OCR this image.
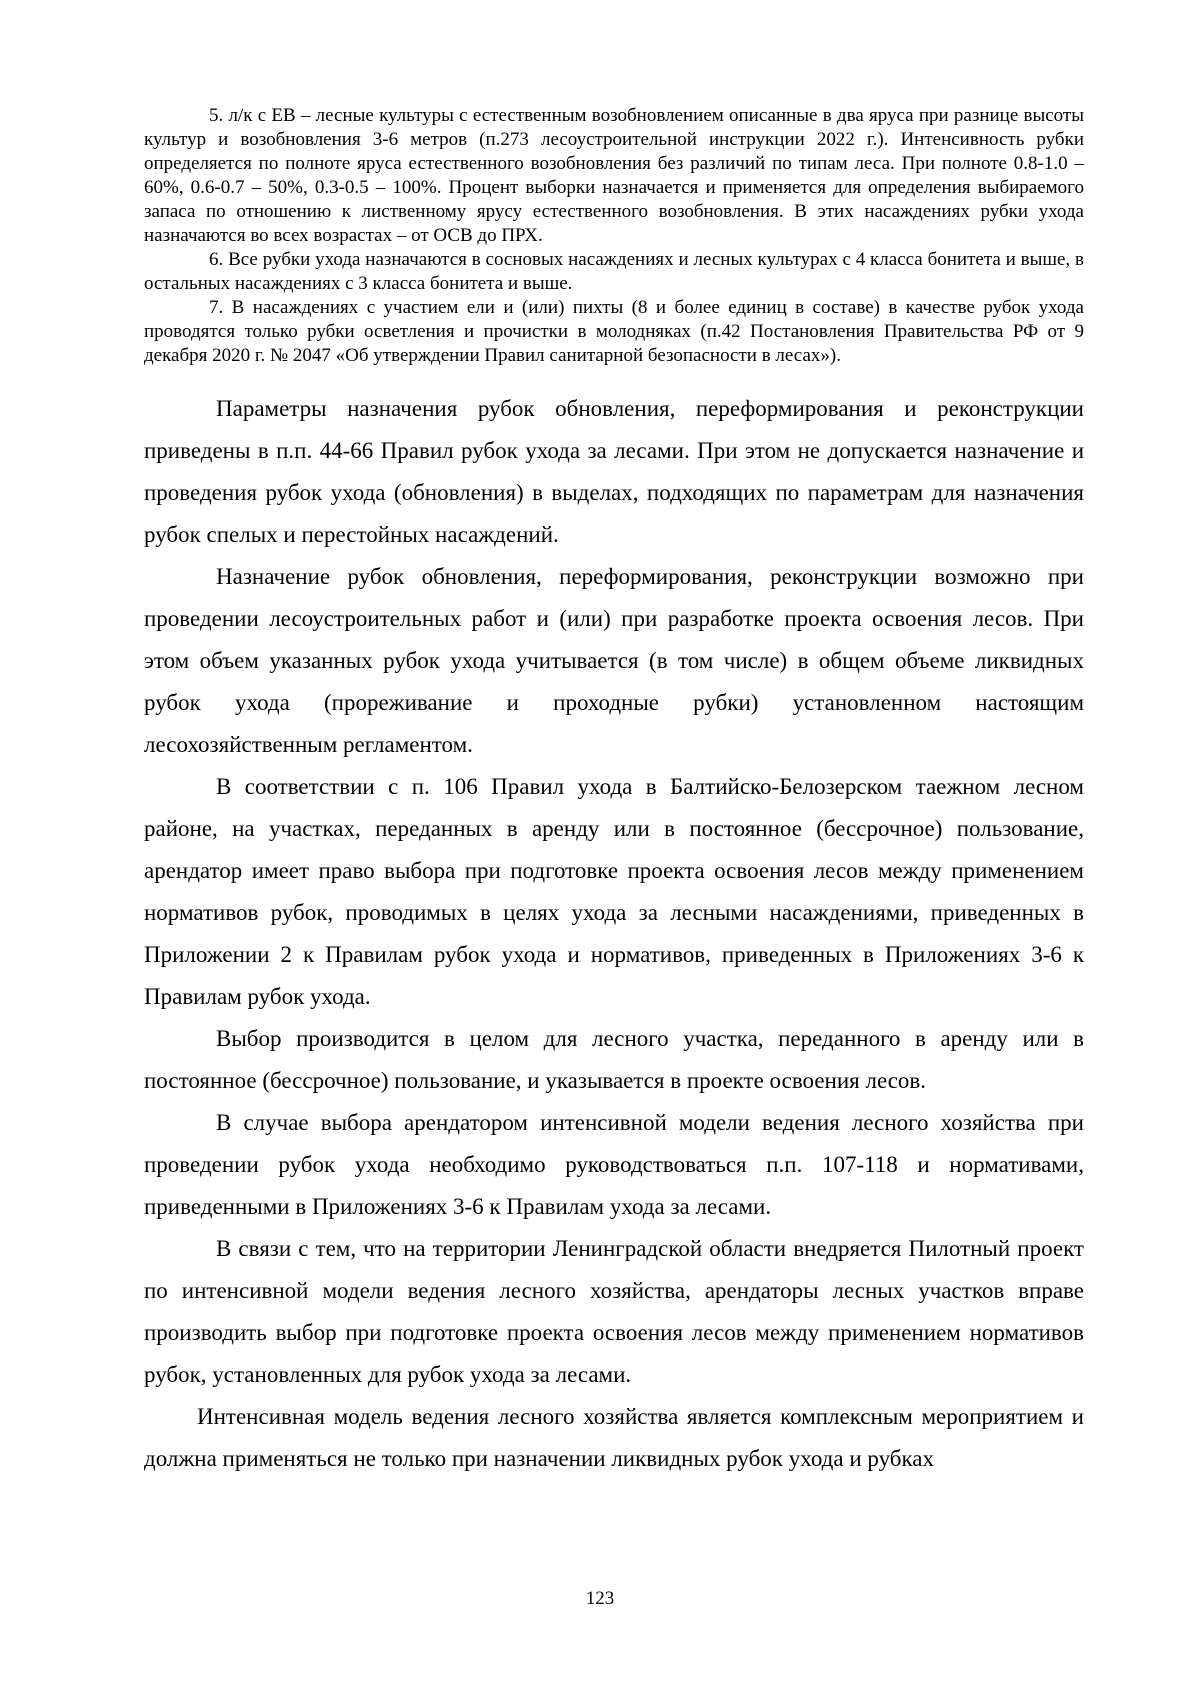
5. л/к с ЕВ – лесные культуры с естественным возобновлением описанные в два яруса при разнице высоты культур и возобновления 3-6 метров (п.273 лесоустроительной инструкции 2022 г.). Интенсивность рубки определяется по полноте яруса естественного возобновления без различий по типам леса. При полноте 0.8-1.0 – 60%, 0.6-0.7 – 50%, 0.3-0.5 – 100%. Процент выборки назначается и применяется для определения выбираемого запаса по отношению к лиственному ярусу естественного возобновления. В этих насаждениях рубки ухода назначаются во всех возрастах – от ОСВ до ПРХ.

6. Все рубки ухода назначаются в сосновых насаждениях и лесных культурах с 4 класса бонитета и выше, в остальных насаждениях с 3 класса бонитета и выше.

7. В насаждениях с участием ели и (или) пихты (8 и более единиц в составе) в качестве рубок ухода проводятся только рубки осветления и прочистки в молодняках (п.42 Постановления Правительства РФ от 9 декабря 2020 г. № 2047 «Об утверждении Правил санитарной безопасности в лесах»).

Параметры назначения рубок обновления, переформирования и реконструкции приведены в п.п. 44-66 Правил рубок ухода за лесами. При этом не допускается назначение и проведения рубок ухода (обновления) в выделах, подходящих по параметрам для назначения рубок спелых и перестойных насаждений.

Назначение рубок обновления, переформирования, реконструкции возможно при проведении лесоустроительных работ и (или) при разработке проекта освоения лесов. При этом объем указанных рубок ухода учитывается (в том числе) в общем объеме ликвидных рубок ухода (прореживание и проходные рубки) установленном настоящим лесохозяйственным регламентом.

В соответствии с п. 106 Правил ухода в Балтийско-Белозерском таежном лесном районе, на участках, переданных в аренду или в постоянное (бессрочное) пользование, арендатор имеет право выбора при подготовке проекта освоения лесов между применением нормативов рубок, проводимых в целях ухода за лесными насаждениями, приведенных в Приложении 2 к Правилам рубок ухода и нормативов, приведенных в Приложениях 3-6 к Правилам рубок ухода.

Выбор производится в целом для лесного участка, переданного в аренду или в постоянное (бессрочное) пользование, и указывается в проекте освоения лесов.

В случае выбора арендатором интенсивной модели ведения лесного хозяйства при проведении рубок ухода необходимо руководствоваться п.п. 107-118 и нормативами, приведенными в Приложениях 3-6 к Правилам ухода за лесами.

В связи с тем, что на территории Ленинградской области внедряется Пилотный проект по интенсивной модели ведения лесного хозяйства, арендаторы лесных участков вправе производить выбор при подготовке проекта освоения лесов между применением нормативов рубок, установленных для рубок ухода за лесами.

Интенсивная модель ведения лесного хозяйства является комплексным мероприятием и должна применяться не только при назначении ликвидных рубок ухода и рубках

123
